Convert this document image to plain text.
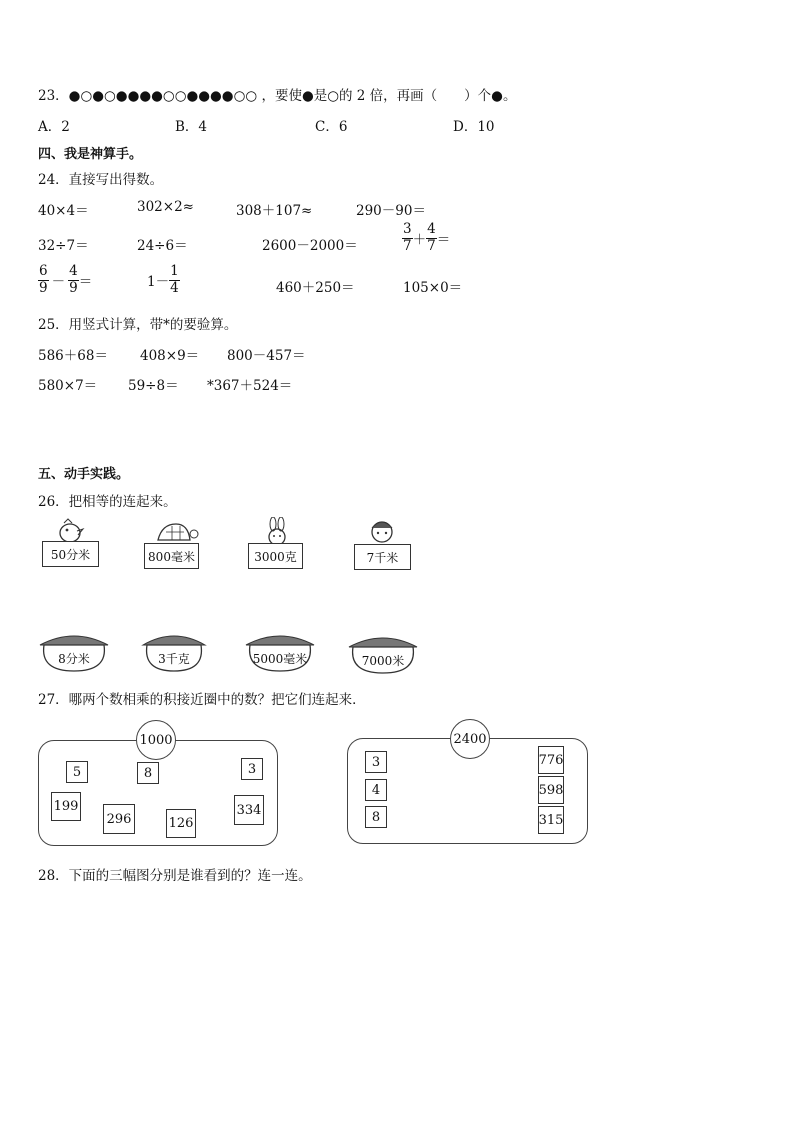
23．●○●○●●●●○○●●●●○○ ，要使●是○的 2 倍，再画（　　）个●。
A．2	B．4	C．6	D．10
四、我是神算手。
24．直接写出得数。
40×4＝	302×2≈	308＋107≈	290－90＝
32÷7＝	24÷6＝	2600－2000＝	$\frac{3}{7} + \frac{4}{7}$ ＝
$\frac{6}{9} - \frac{4}{9}$ ＝	$1- \frac{1}{4}$	460＋250＝	105×0＝
25．用竖式计算，带*的要验算。
586＋68＝ 408×9＝ 800－457＝
580×7＝ 59÷8＝ *367＋524＝
五、动手实践。
26．把相等的连起来。
50分米	800毫米	3000克	7千米
8分米	3千克	5000毫米	7000米
27．哪两个数相乘的积接近圈中的数？把它们连起来．
1000
5	8	3
199
296	126
334
2400
3
4
8
776
598
315
28．下面的三幅图分别是谁看到的？连一连。
